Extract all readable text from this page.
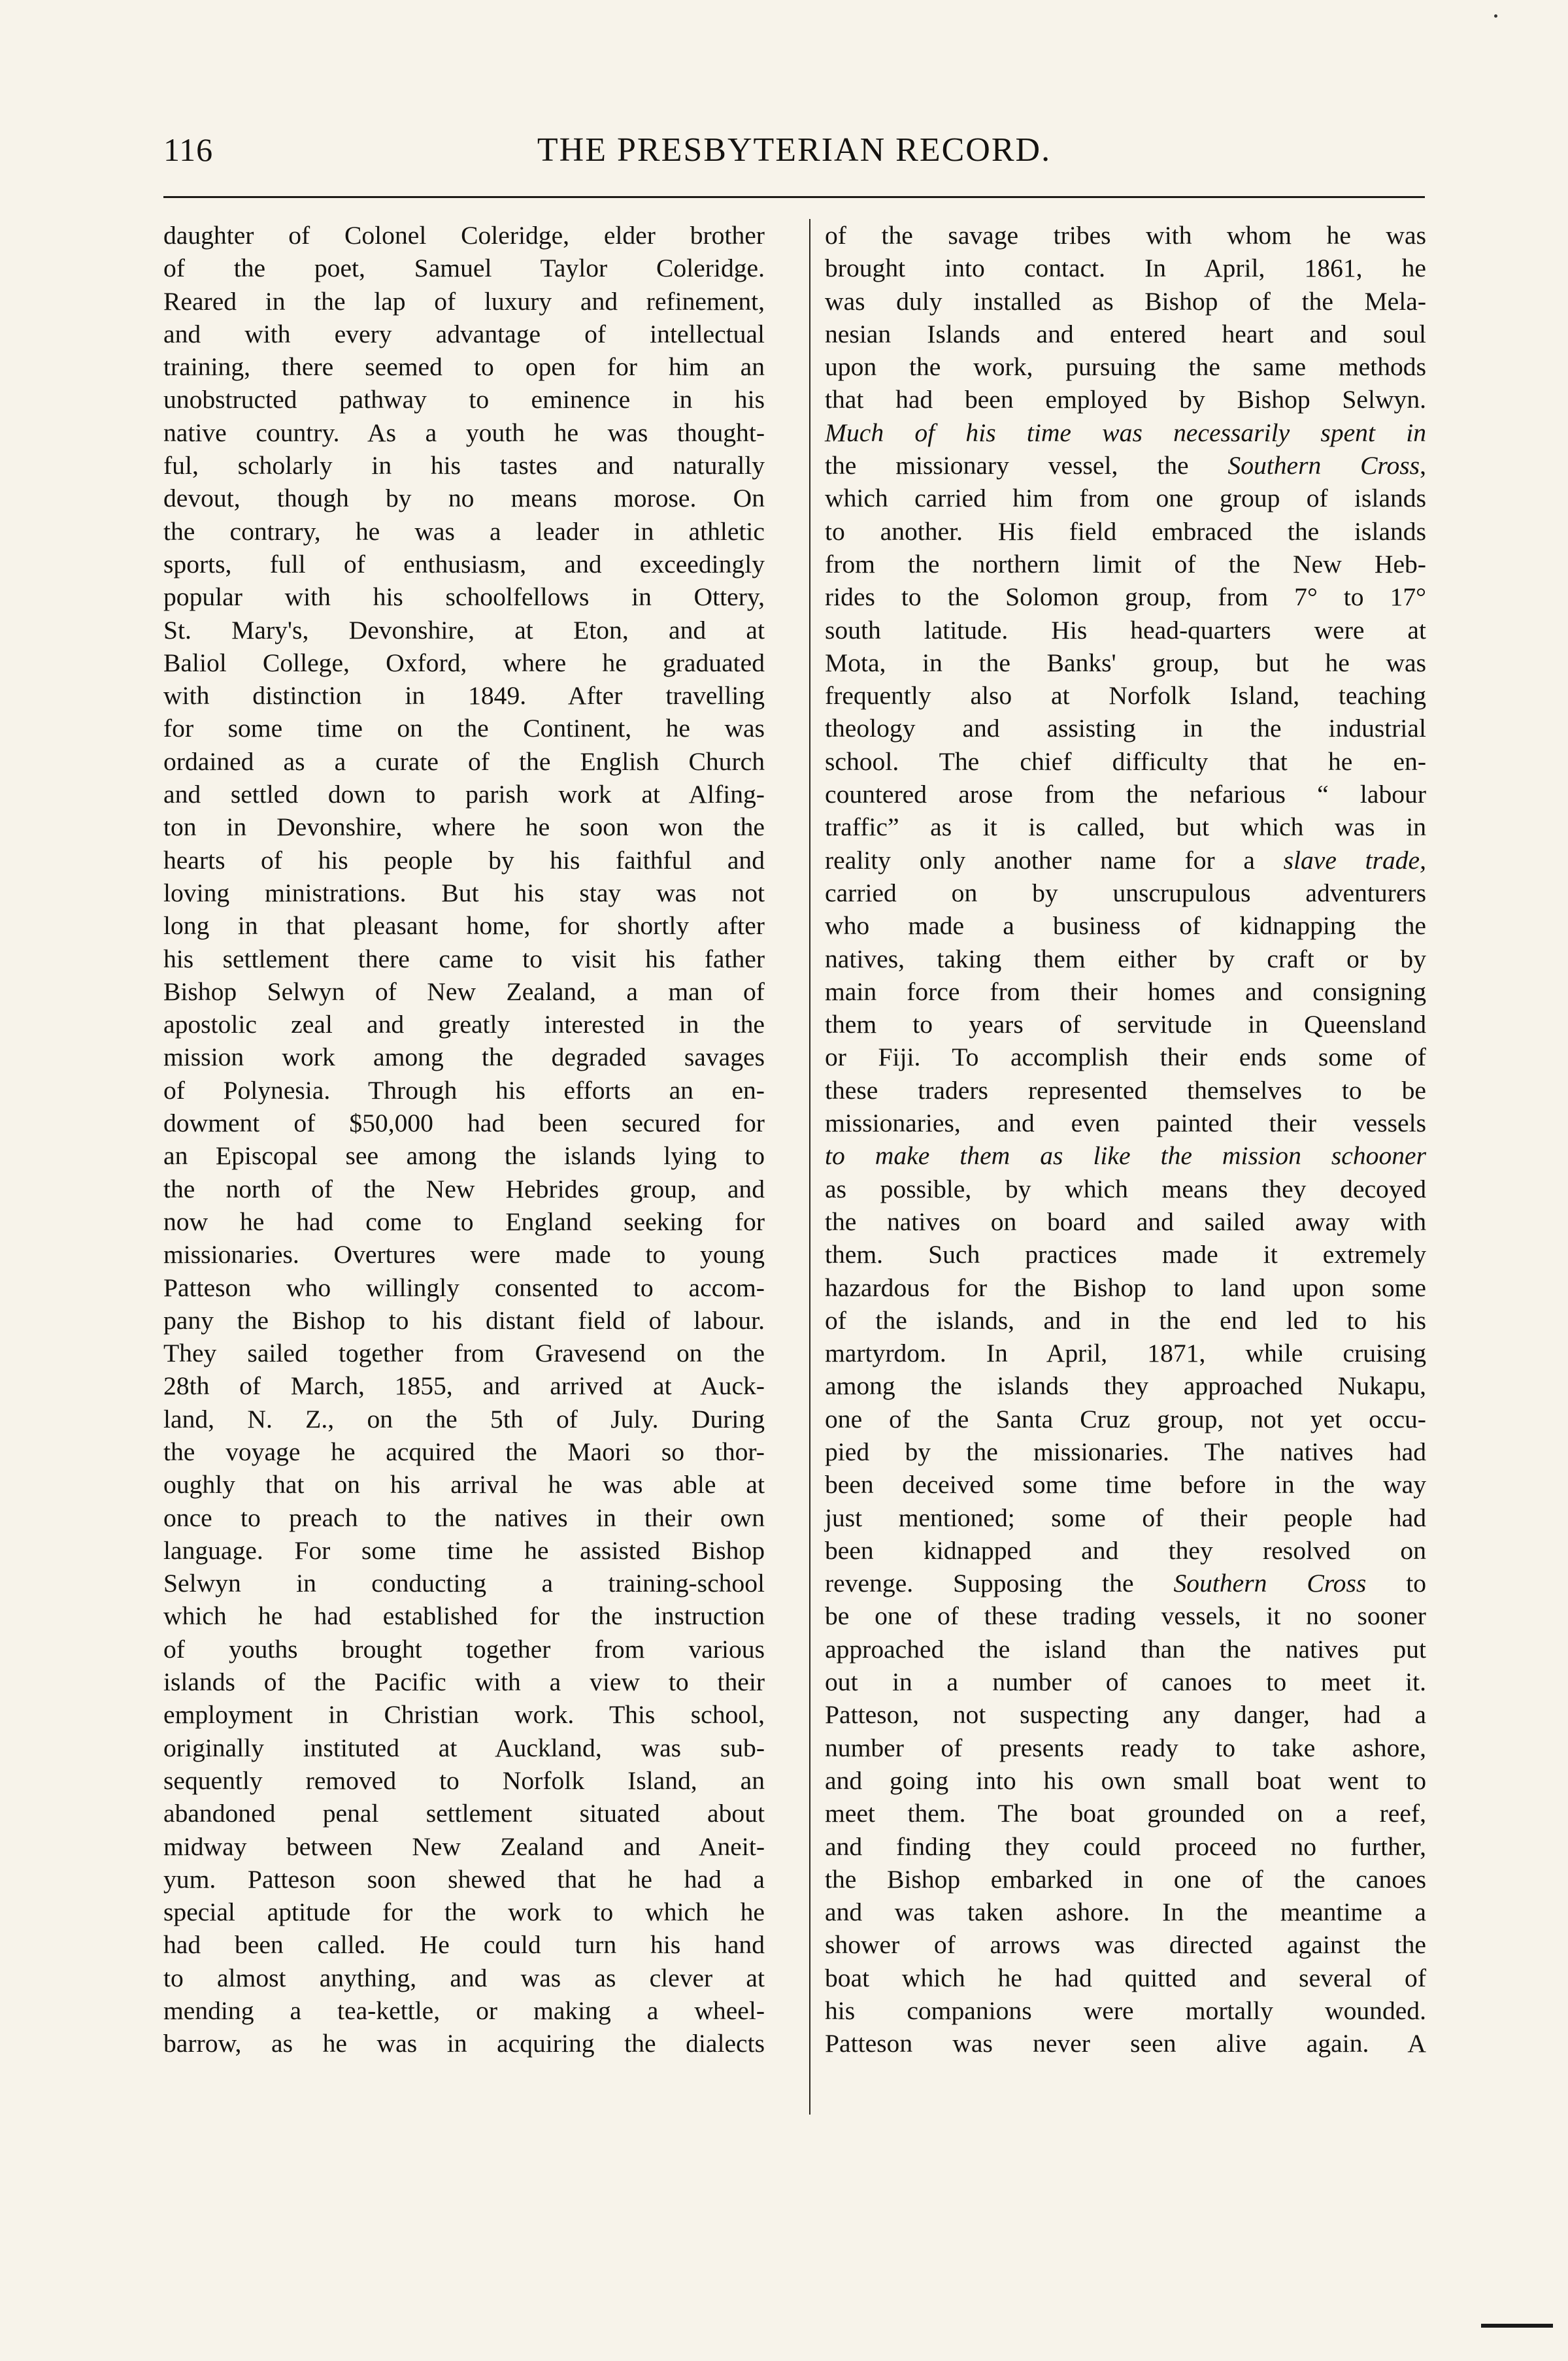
116	THE PRESBYTERIAN RECORD.
daughter of Colonel Coleridge, elder brother
of the poet, Samuel Taylor Coleridge.
Reared in the lap of luxury and refinement,
and with every advantage of intellectual
training, there seemed to open for him an
unobstructed pathway to eminence in his
native country. As a youth he was thought-
ful, scholarly in his tastes and naturally
devout, though by no means morose. On
the contrary, he was a leader in athletic
sports, full of enthusiasm, and exceedingly
popular with his schoolfellows in Ottery,
St. Mary's, Devonshire, at Eton, and at
Baliol College, Oxford, where he graduated
with distinction in 1849. After travelling
for some time on the Continent, he was
ordained as a curate of the English Church
and settled down to parish work at Alfing-
ton in Devonshire, where he soon won the
hearts of his people by his faithful and
loving ministrations. But his stay was not
long in that pleasant home, for shortly after
his settlement there came to visit his father
Bishop Selwyn of New Zealand, a man of
apostolic zeal and greatly interested in the
mission work among the degraded savages
of Polynesia. Through his efforts an en-
dowment of $50,000 had been secured for
an Episcopal see among the islands lying to
the north of the New Hebrides group, and
now he had come to England seeking for
missionaries. Overtures were made to young
Patteson who willingly consented to accom-
pany the Bishop to his distant field of labour.
They sailed together from Gravesend on the
28th of March, 1855, and arrived at Auck-
land, N. Z., on the 5th of July. During
the voyage he acquired the Maori so thor-
oughly that on his arrival he was able at
once to preach to the natives in their own
language. For some time he assisted Bishop
Selwyn in conducting a training-school
which he had established for the instruction
of youths brought together from various
islands of the Pacific with a view to their
employment in Christian work. This school,
originally instituted at Auckland, was sub-
sequently removed to Norfolk Island, an
abandoned penal settlement situated about
midway between New Zealand and Aneit-
yum. Patteson soon shewed that he had a
special aptitude for the work to which he
had been called. He could turn his hand
to almost anything, and was as clever at
mending a tea-kettle, or making a wheel-
barrow, as he was in acquiring the dialects
of the savage tribes with whom he was
brought into contact. In April, 1861, he
was duly installed as Bishop of the Mela-
nesian Islands and entered heart and soul
upon the work, pursuing the same methods
that had been employed by Bishop Selwyn.
Much of his time was necessarily spent in
the missionary vessel, the Southern Cross,
which carried him from one group of islands
to another. His field embraced the islands
from the northern limit of the New Heb-
rides to the Solomon group, from 7° to 17°
south latitude. His head-quarters were at
Mota, in the Banks' group, but he was
frequently also at Norfolk Island, teaching
theology and assisting in the industrial
school. The chief difficulty that he en-
countered arose from the nefarious “ labour
traffic” as it is called, but which was in
reality only another name for a slave trade,
carried on by unscrupulous adventurers
who made a business of kidnapping the
natives, taking them either by craft or by
main force from their homes and consigning
them to years of servitude in Queensland
or Fiji. To accomplish their ends some of
these traders represented themselves to be
missionaries, and even painted their vessels
to make them as like the mission schooner
as possible, by which means they decoyed
the natives on board and sailed away with
them. Such practices made it extremely
hazardous for the Bishop to land upon some
of the islands, and in the end led to his
martyrdom. In April, 1871, while cruising
among the islands they approached Nukapu,
one of the Santa Cruz group, not yet occu-
pied by the missionaries. The natives had
been deceived some time before in the way
just mentioned; some of their people had
been kidnapped and they resolved on
revenge. Supposing the Southern Cross to
be one of these trading vessels, it no sooner
approached the island than the natives put
out in a number of canoes to meet it.
Patteson, not suspecting any danger, had a
number of presents ready to take ashore,
and going into his own small boat went to
meet them. The boat grounded on a reef,
and finding they could proceed no further,
the Bishop embarked in one of the canoes
and was taken ashore. In the meantime a
shower of arrows was directed against the
boat which he had quitted and several of
his companions were mortally wounded.
Patteson was never seen alive again. A
